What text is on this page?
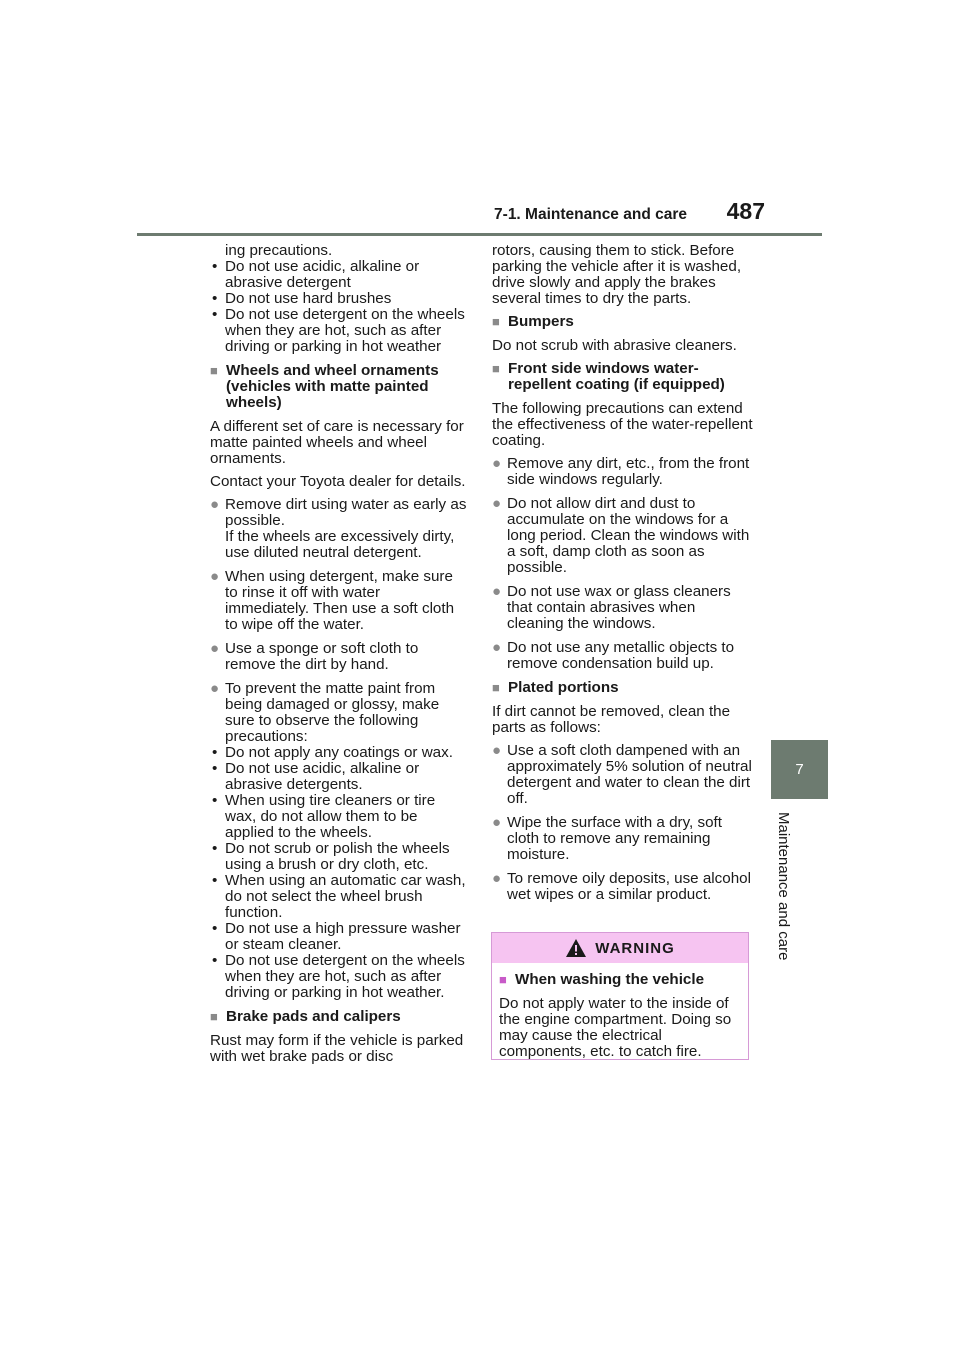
7-1. Maintenance and care	487
7
Maintenance and care
ing precautions.
• Do not use acidic, alkaline or abrasive detergent
• Do not use hard brushes
• Do not use detergent on the wheels when they are hot, such as after driving or parking in hot weather
■ Wheels and wheel ornaments (vehicles with matte painted wheels)

A different set of care is necessary for matte painted wheels and wheel ornaments.

Contact your Toyota dealer for details.

● Remove dirt using water as early as possible.
If the wheels are excessively dirty, use diluted neutral detergent.
● When using detergent, make sure to rinse it off with water immediately. Then use a soft cloth to wipe off the water.
● Use a sponge or soft cloth to remove the dirt by hand.
● To prevent the matte paint from being damaged or glossy, make sure to observe the following precautions:
• Do not apply any coatings or wax.
• Do not use acidic, alkaline or abrasive detergents.
• When using tire cleaners or tire wax, do not allow them to be applied to the wheels.
• Do not scrub or polish the wheels using a brush or dry cloth, etc.
• When using an automatic car wash, do not select the wheel brush function.
• Do not use a high pressure washer or steam cleaner.
• Do not use detergent on the wheels when they are hot, such as after driving or parking in hot weather.
■ Brake pads and calipers

Rust may form if the vehicle is parked with wet brake pads or disc

rotors, causing them to stick. Before parking the vehicle after it is washed, drive slowly and apply the brakes several times to dry the parts.

■ Bumpers

Do not scrub with abrasive cleaners.

■ Front side windows water-repellent coating (if equipped)

The following precautions can extend the effectiveness of the water-repellent coating.

● Remove any dirt, etc., from the front side windows regularly.
● Do not allow dirt and dust to accumulate on the windows for a long period. Clean the windows with a soft, damp cloth as soon as possible.
● Do not use wax or glass cleaners that contain abrasives when cleaning the windows.
● Do not use any metallic objects to remove condensation build up.
■ Plated portions

If dirt cannot be removed, clean the parts as follows:

● Use a soft cloth dampened with an approximately 5% solution of neutral detergent and water to clean the dirt off.
● Wipe the surface with a dry, soft cloth to remove any remaining moisture.
● To remove oily deposits, use alcohol wet wipes or a similar product.
WARNING
■ When washing the vehicle
Do not apply water to the inside of the engine compartment. Doing so may cause the electrical components, etc. to catch fire.
